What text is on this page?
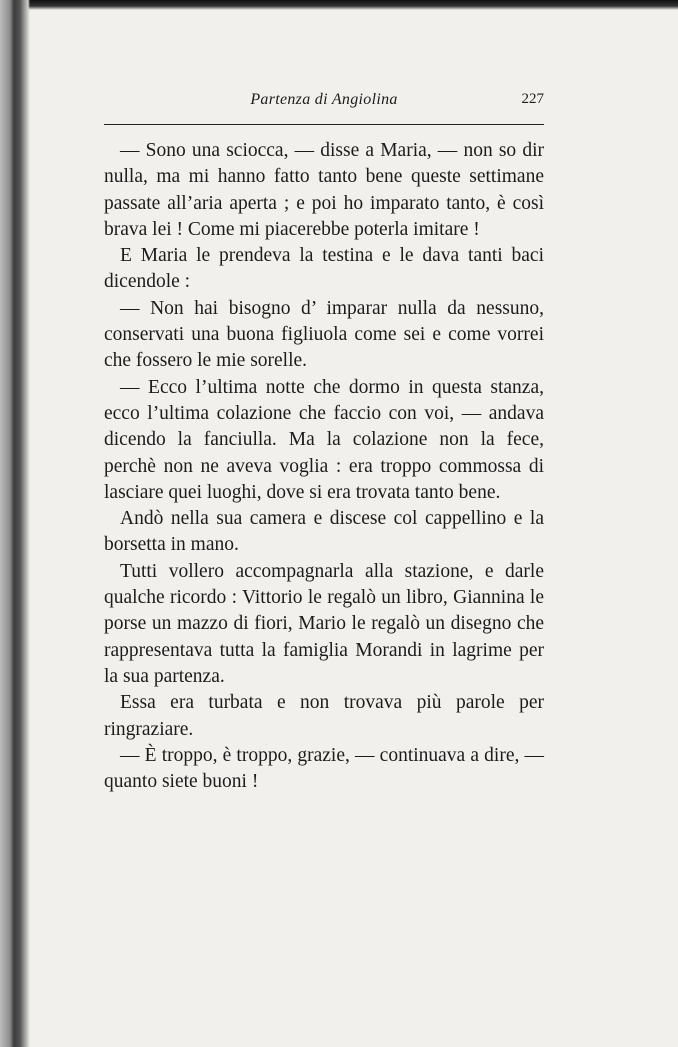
Partenza di Angiolina	227

— Sono una sciocca, — disse a Maria, — non so dir nulla, ma mi hanno fatto tanto bene queste settimane passate all’aria aperta ; e poi ho imparato tanto, è così brava lei ! Come mi piacerebbe poterla imitare !

E Maria le prendeva la testina e le dava tanti baci dicendole :

— Non hai bisogno d’ imparar nulla da nessuno, conservati una buona figliuola come sei e come vorrei che fossero le mie sorelle.

— Ecco l’ultima notte che dormo in questa stanza, ecco l’ultima colazione che faccio con voi, — andava dicendo la fanciulla. Ma la colazione non la fece, perchè non ne aveva voglia : era troppo commossa di lasciare quei luoghi, dove si era trovata tanto bene.

Andò nella sua camera e discese col cappellino e la borsetta in mano.

Tutti vollero accompagnarla alla stazione, e darle qualche ricordo : Vittorio le regalò un libro, Giannina le porse un mazzo di fiori, Mario le regalò un disegno che rappresentava tutta la famiglia Morandi in lagrime per la sua partenza.

Essa era turbata e non trovava più parole per ringraziare.

— È troppo, è troppo, grazie, — continuava a dire, — quanto siete buoni !
